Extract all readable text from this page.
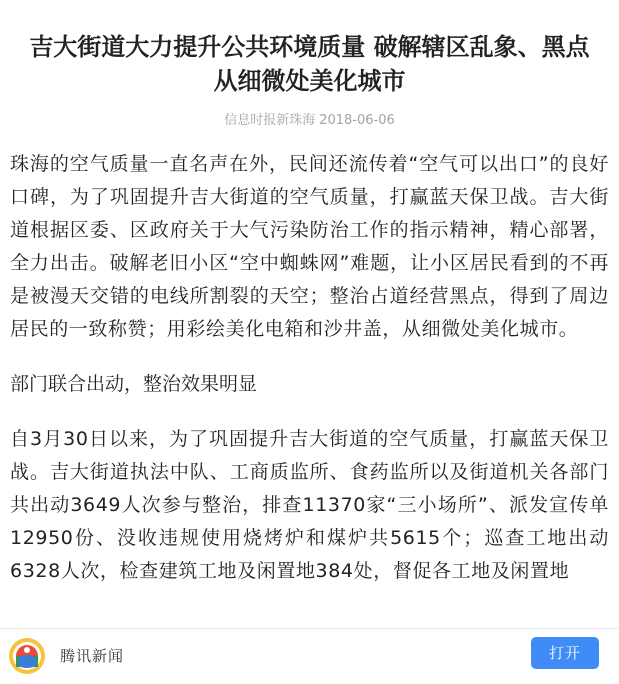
吉大街道大力提升公共环境质量 破解辖区乱象、黑点 从细微处美化城市
信息时报新珠海 2018-06-06

珠海的空气质量一直名声在外，民间还流传着“空气可以出口”的良好口碑，为了巩固提升吉大街道的空气质量，打赢蓝天保卫战。吉大街道根据区委、区政府关于大气污染防治工作的指示精神，精心部署，全力出击。破解老旧小区“空中蜘蛛网”难题，让小区居民看到的不再是被漫天交错的电线所割裂的天空；整治占道经营黑点，得到了周边居民的一致称赞；用彩绘美化电箱和沙井盖，从细微处美化城市。

部门联合出动，整治效果明显

自3月30日以来，为了巩固提升吉大街道的空气质量，打赢蓝天保卫战。吉大街道执法中队、工商质监所、食药监所以及街道机关各部门共出动3649人次参与整治，排查11370家“三小场所”、派发宣传单12950份、没收违规使用烧烤炉和煤炉共5615个；巡查工地出动6328人次，检查建筑工地及闲置地384处，督促各工地及闲置地

腾讯新闻	打开
